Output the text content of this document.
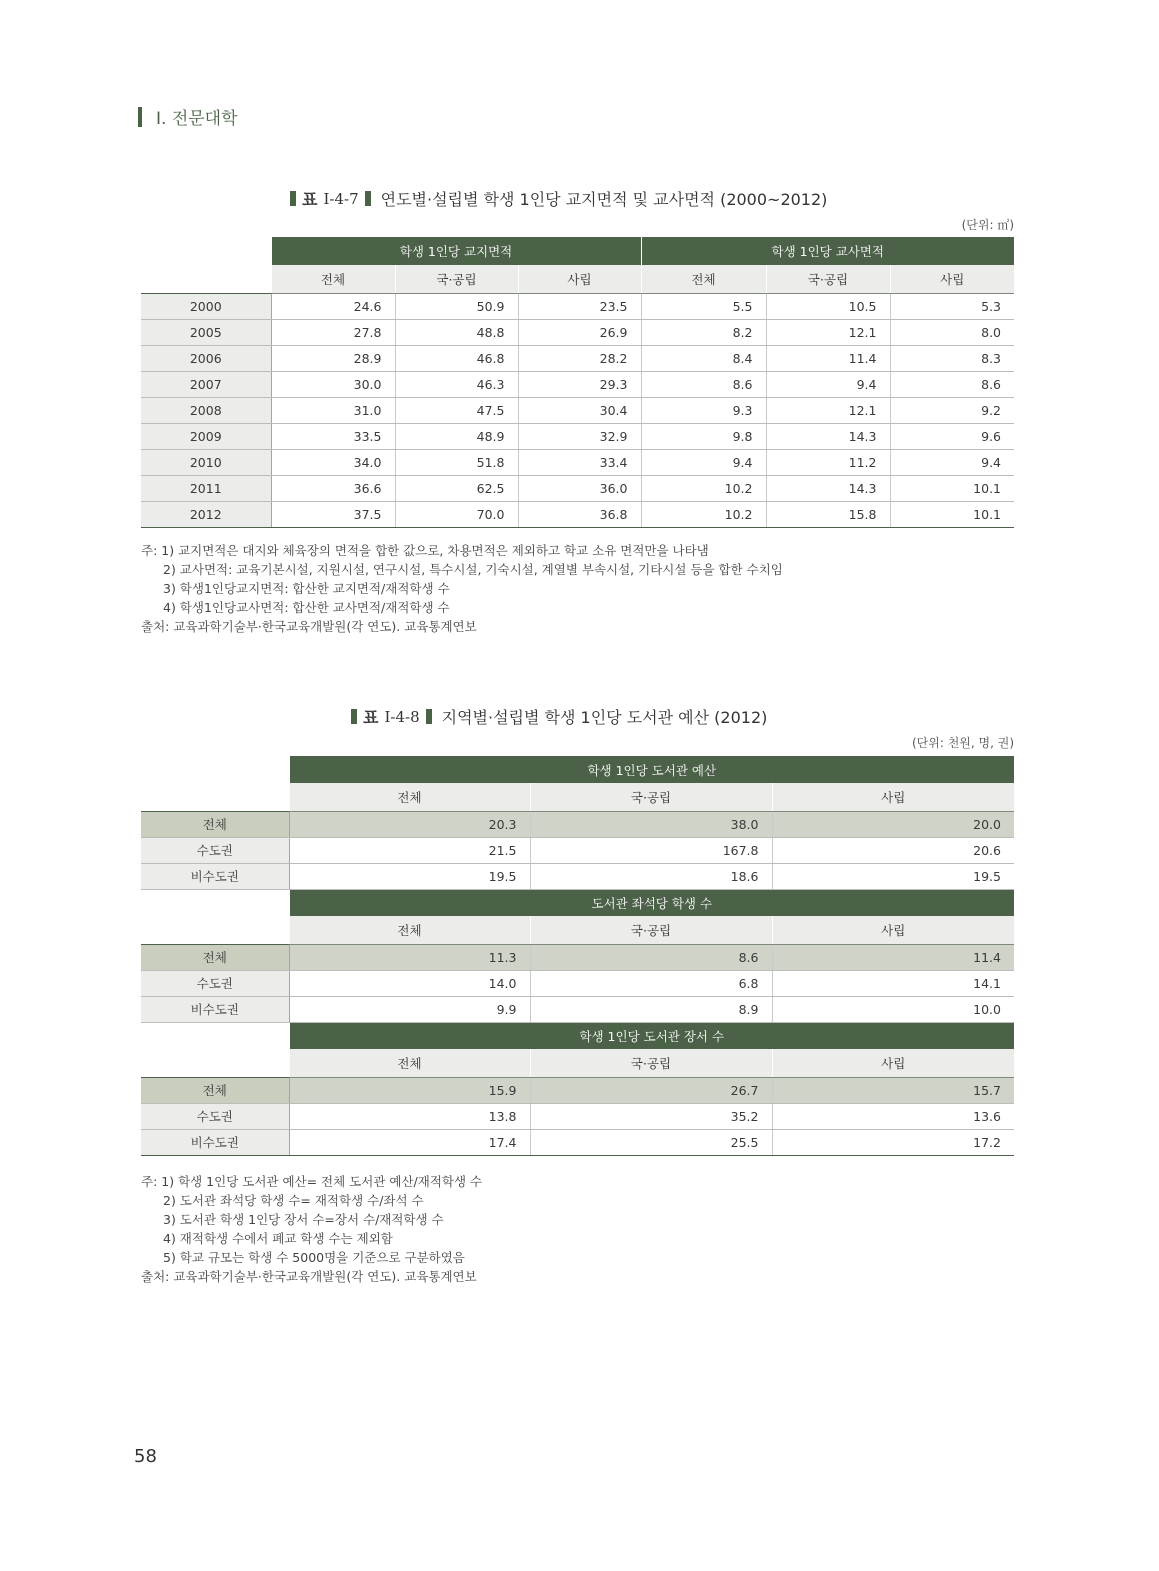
Ⅰ. 전문대학
표 Ⅰ-4-7 연도별·설립별 학생 1인당 교지면적 및 교사면적 (2000~2012)
(단위: ㎡)
	학생 1인당 교지면적			학생 1인당 교사면적		
	전체	국·공립	사립	전체	국·공립	사립
2000	24.6	50.9	23.5	5.5	10.5	5.3
2005	27.8	48.8	26.9	8.2	12.1	8.0
2006	28.9	46.8	28.2	8.4	11.4	8.3
2007	30.0	46.3	29.3	8.6	9.4	8.6
2008	31.0	47.5	30.4	9.3	12.1	9.2
2009	33.5	48.9	32.9	9.8	14.3	9.6
2010	34.0	51.8	33.4	9.4	11.2	9.4
2011	36.6	62.5	36.0	10.2	14.3	10.1
2012	37.5	70.0	36.8	10.2	15.8	10.1
주: 1) 교지면적은 대지와 체육장의 면적을 합한 값으로, 차용면적은 제외하고 학교 소유 면적만을 나타냄
2) 교사면적: 교육기본시설, 지원시설, 연구시설, 특수시설, 기숙시설, 계열별 부속시설, 기타시설 등을 합한 수치임
3) 학생1인당교지면적: 합산한 교지면적/재적학생 수
4) 학생1인당교사면적: 합산한 교사면적/재적학생 수
출처: 교육과학기술부·한국교육개발원(각 연도). 교육통계연보
표 Ⅰ-4-8 지역별·설립별 학생 1인당 도서관 예산 (2012)
(단위: 천원, 명, 권)
	학생 1인당 도서관 예산		
	전체	국·공립	사립
전체	20.3	38.0	20.0
수도권	21.5	167.8	20.6
비수도권	19.5	18.6	19.5
	도서관 좌석당 학생 수		
	전체	국·공립	사립
전체	11.3	8.6	11.4
수도권	14.0	6.8	14.1
비수도권	9.9	8.9	10.0
	학생 1인당 도서관 장서 수		
	전체	국·공립	사립
전체	15.9	26.7	15.7
수도권	13.8	35.2	13.6
비수도권	17.4	25.5	17.2
주: 1) 학생 1인당 도서관 예산= 전체 도서관 예산/재적학생 수
2) 도서관 좌석당 학생 수= 재적학생 수/좌석 수
3) 도서관 학생 1인당 장서 수=장서 수/재적학생 수
4) 재적학생 수에서 폐교 학생 수는 제외함
5) 학교 규모는 학생 수 5000명을 기준으로 구분하였음
출처: 교육과학기술부·한국교육개발원(각 연도). 교육통계연보
58
